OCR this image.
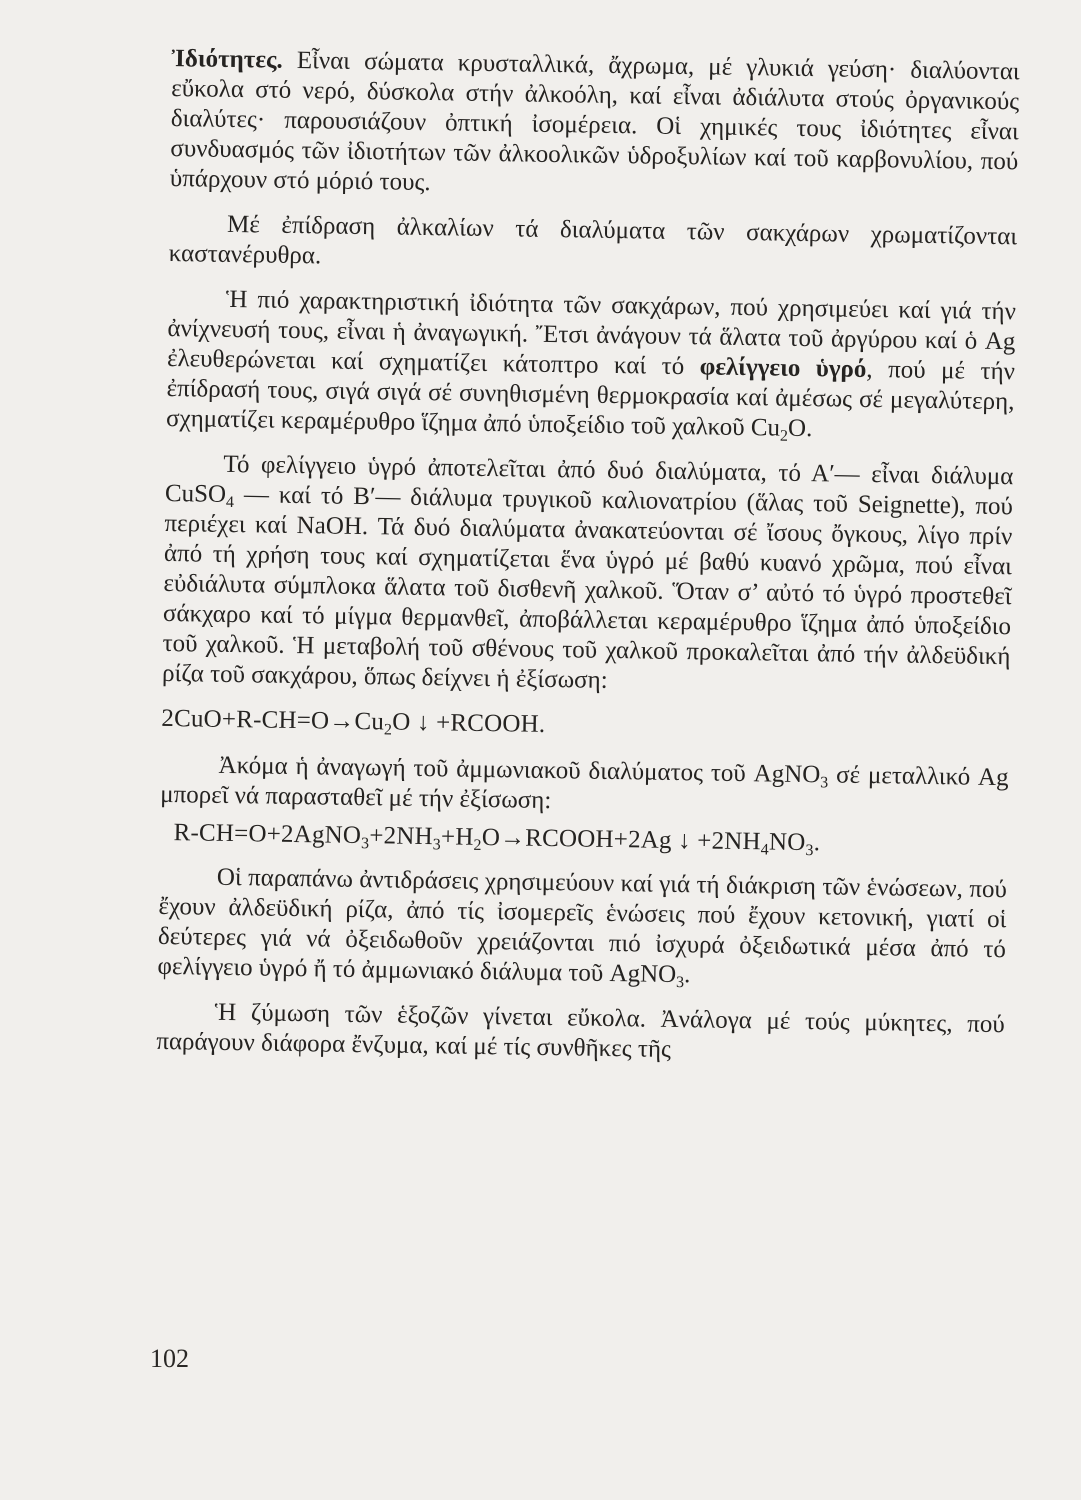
Ἰδιότητες. Εἶναι σώματα κρυσταλλικά, ἄχρωμα, μέ γλυκιά γεύση· διαλύονται εὔκολα στό νερό, δύσκολα στήν ἀλκοόλη, καί εἶναι ἀδιάλυτα στούς ὀργανικούς διαλύτες· παρουσιάζουν ὀπτική ἰσομέρεια. Οἱ χημικές τους ἰδιότητες εἶναι συνδυασμός τῶν ἰδιοτήτων τῶν ἀλκοολικῶν ὑδροξυλίων καί τοῦ καρβονυλίου, πού ὑπάρχουν στό μόριό τους.

Μέ ἐπίδραση ἀλκαλίων τά διαλύματα τῶν σακχάρων χρωματίζονται καστανέρυθρα.

Ἡ πιό χαρακτηριστική ἰδιότητα τῶν σακχάρων, πού χρησιμεύει καί γιά τήν ἀνίχνευσή τους, εἶναι ἡ ἀναγωγική. Ἔτσι ἀνάγουν τά ἅλατα τοῦ ἀργύρου καί ὁ Ag ἐλευθερώνεται καί σχηματίζει κάτοπτρο καί τό φελίγγειο ὑγρό, πού μέ τήν ἐπίδρασή τους, σιγά σιγά σέ συνηθισμένη θερμοκρασία καί ἀμέσως σέ μεγαλύτερη, σχηματίζει κεραμέρυθρο ἵζημα ἀπό ὑποξείδιο τοῦ χαλκοῦ $Cu_2O$.

Τό φελίγγειο ὑγρό ἀποτελεῖται ἀπό δυό διαλύματα, τό Α′— εἶναι διάλυμα CuSO$_4$ — καί τό Β′— διάλυμα τρυγικοῦ καλιονατρίου (ἅλας τοῦ Seignette), πού περιέχει καί NaOH. Τά δυό διαλύματα ἀνακατεύονται σέ ἴσους ὄγκους, λίγο πρίν ἀπό τή χρήση τους καί σχηματίζεται ἕνα ὑγρό μέ βαθύ κυανό χρῶμα, πού εἶναι εὐδιάλυτα σύμπλοκα ἅλατα τοῦ δισθενῆ χαλκοῦ. Ὅταν σ’ αὐτό τό ὑγρό προστεθεῖ σάκχαρο καί τό μίγμα θερμανθεῖ, ἀποβάλλεται κεραμέρυθρο ἵζημα ἀπό ὑποξείδιο τοῦ χαλκοῦ. Ἡ μεταβολή τοῦ σθένους τοῦ χαλκοῦ προκαλεῖται ἀπό τήν ἀλδεϋδική ρίζα τοῦ σακχάρου, ὅπως δείχνει ἡ ἐξίσωση:

$2CuO+R-CH=O\to Cu_2O$ ↓ +RCOOH.

Ἀκόμα ἡ ἀναγωγή τοῦ ἀμμωνιακοῦ διαλύματος τοῦ AgNO$_3$ σέ μεταλλικό Ag μπορεῖ νά παρασταθεῖ μέ τήν ἐξίσωση:

$R-CH=O+2AgNO_3+2NH_3+H_2O\to RCOOH+2Ag$ ↓ $+2NH_4NO_3$.

Οἱ παραπάνω ἀντιδράσεις χρησιμεύουν καί γιά τή διάκριση τῶν ἑνώσεων, πού ἔχουν ἀλδεϋδική ρίζα, ἀπό τίς ἰσομερεῖς ἑνώσεις πού ἔχουν κετονική, γιατί οἱ δεύτερες γιά νά ὀξειδωθοῦν χρειάζονται πιό ἰσχυρά ὀξειδωτικά μέσα ἀπό τό φελίγγειο ὑγρό ἤ τό ἀμμωνιακό διάλυμα τοῦ AgNO$_3$.

Ἡ ζύμωση τῶν ἑξοζῶν γίνεται εὔκολα. Ἀνάλογα μέ τούς μύκητες, πού παράγουν διάφορα ἔνζυμα, καί μέ τίς συνθῆκες τῆς

102
